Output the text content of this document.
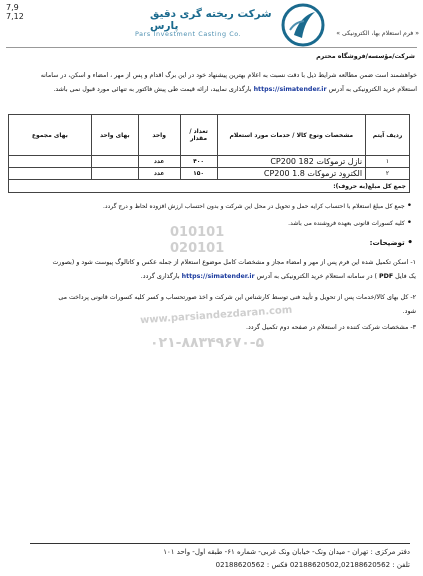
7,9
7,12
« فرم استعلام بها، الکترونیکی »
شرکت ریخته گری دقیق پارس
Pars Investment Casting Co.
شرکت/مؤسسه/فروشگاه محترم
خواهشمند است ضمن مطالعه شرایط ذیل با دقت نسبت به اعلام بهترین پیشنهاد خود در این برگ اقدام و پس از مهر ، امضاء و اسکن، در سامانه
استعلام خرید الکترونیکی به آدرس https://simatender.ir بارگذاری نمایید، ارائه قیمت طی پیش فاکتور به تنهائی مورد قبول نمی باشد.
ردیف آیتم	مشخصات ونوع کالا / خدمات مورد استعلام	تعداد / مقدار	واحد	بهای واحد	بهای مجموع
۱	نازل ترموکات CP200 182	۴۰۰	عدد		
۲	الکترود ترموکات CP200 1.8	۱۵۰	عدد		
جمع کل مبلغ(به حروف):					
• جمع کل مبلغ استعلام با احتساب کرایه حمل و تحویل در محل این شرکت و بدون احتساب ارزش افزوده لحاظ و درج گردد.
• کلیه کسورات قانونی بعهده فروشنده می باشد.
010101
020101
www.parsiandezdaran.com
۰۲۱-۸۸۳۴۹۶۷۰-۵
• توضیحات:
۱- اسکن تکمیل شده این فرم پس از مهر و امضاء مجاز و مشخصات کامل موضوع استعلام از جمله عکس و کاتالوگ پیوست شود و (بصورت
یک فایل PDF ) در سامانه استعلام خرید الکترونیکی به آدرس https://simatender.ir بارگذاری گردد.
۲- کل بهای کالا/خدمات پس از تحویل و تأیید فنی توسط کارشناس این شرکت و اخذ صورتحساب و کسر کلیه کسورات قانونی پرداخت می
شود.
۳- مشخصات شرکت کننده در استعلام در صفحه دوم تکمیل گردد.
دفتر مرکزی : تهران - میدان ونک- خیابان ونک غربی- شماره ۶۱- طبقه اول- واحد ۱۰۱
تلفن : 02188620502,02188620562 فکس : 02188620562
